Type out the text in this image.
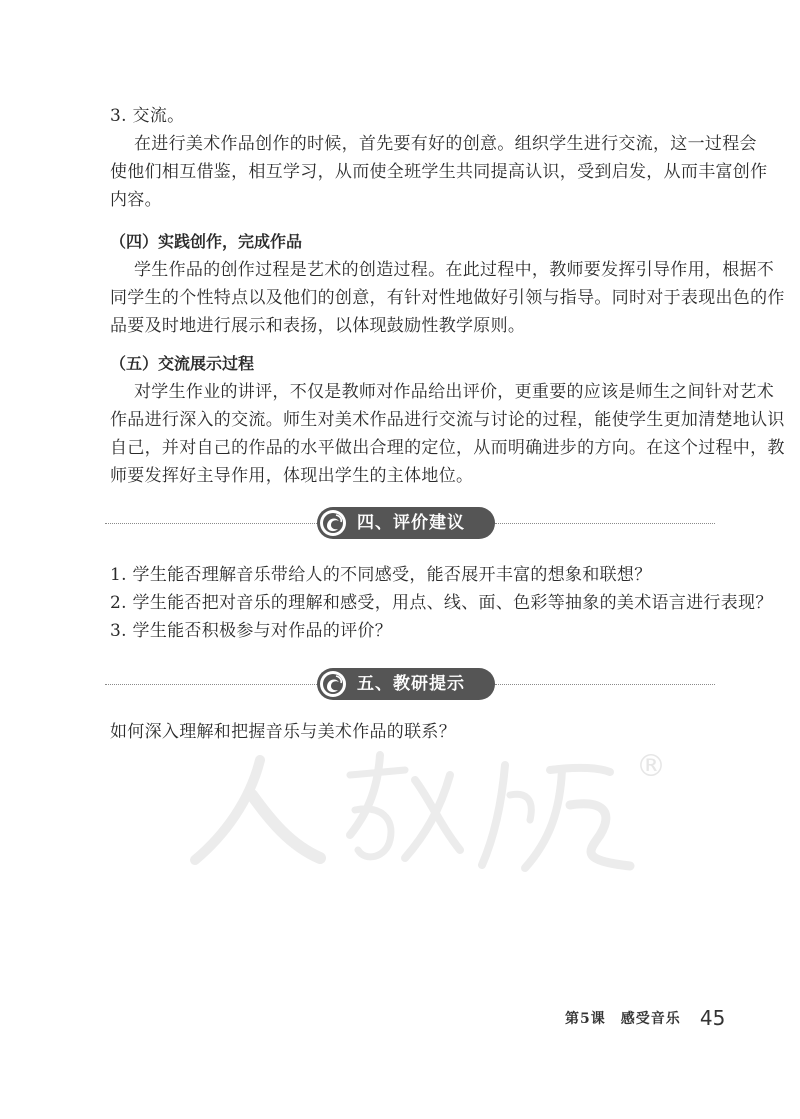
3. 交流。
在进行美术作品创作的时候，首先要有好的创意。组织学生进行交流，这一过程会
使他们相互借鉴，相互学习，从而使全班学生共同提高认识，受到启发，从而丰富创作
内容。
（四）实践创作，完成作品
学生作品的创作过程是艺术的创造过程。在此过程中，教师要发挥引导作用，根据不
同学生的个性特点以及他们的创意，有针对性地做好引领与指导。同时对于表现出色的作
品要及时地进行展示和表扬，以体现鼓励性教学原则。
（五）交流展示过程
对学生作业的讲评，不仅是教师对作品给出评价，更重要的应该是师生之间针对艺术
作品进行深入的交流。师生对美术作品进行交流与讨论的过程，能使学生更加清楚地认识
自己，并对自己的作品的水平做出合理的定位，从而明确进步的方向。在这个过程中，教
师要发挥好主导作用，体现出学生的主体地位。
四、评价建议
1. 学生能否理解音乐带给人的不同感受，能否展开丰富的想象和联想？
2. 学生能否把对音乐的理解和感受，用点、线、面、色彩等抽象的美术语言进行表现？
3. 学生能否积极参与对作品的评价？
五、教研提示
如何深入理解和把握音乐与美术作品的联系？
®
第5课　感受音乐 45
